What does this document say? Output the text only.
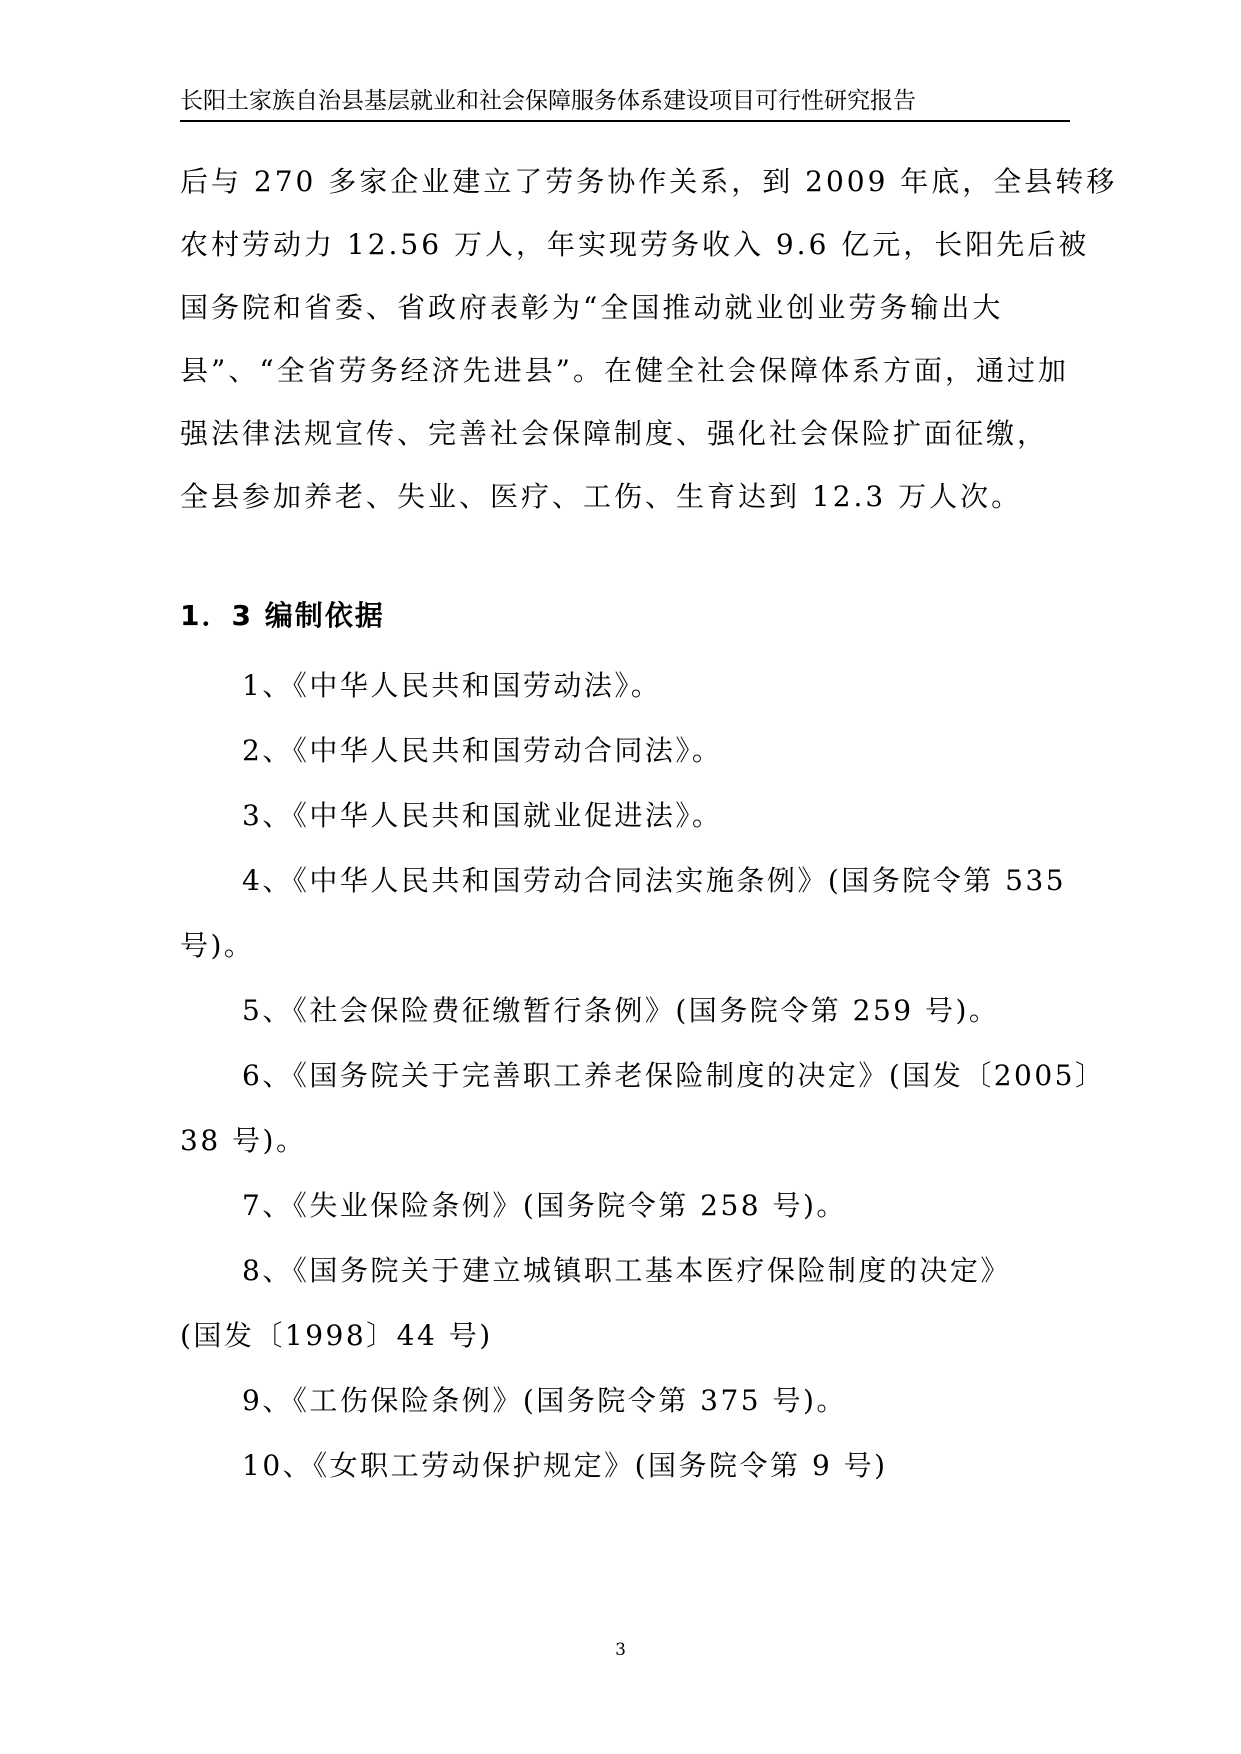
长阳土家族自治县基层就业和社会保障服务体系建设项目可行性研究报告
后与 270 多家企业建立了劳务协作关系，到 2009 年底，全县转移
农村劳动力 12.56 万人，年实现劳务收入 9.6 亿元，长阳先后被
国务院和省委、省政府表彰为“全国推动就业创业劳务输出大
县”、“全省劳务经济先进县”。在健全社会保障体系方面，通过加
强法律法规宣传、完善社会保障制度、强化社会保险扩面征缴，
全县参加养老、失业、医疗、工伤、生育达到 12.3 万人次。
1．3 编制依据
1、《中华人民共和国劳动法》。
2、《中华人民共和国劳动合同法》。
3、《中华人民共和国就业促进法》。
4、《中华人民共和国劳动合同法实施条例》(国务院令第 535
号)。
5、《社会保险费征缴暂行条例》(国务院令第 259 号)。
6、《国务院关于完善职工养老保险制度的决定》(国发〔2005〕
38 号)。
7、《失业保险条例》(国务院令第 258 号)。
8、《国务院关于建立城镇职工基本医疗保险制度的决定》
(国发〔1998〕44 号)
9、《工伤保险条例》(国务院令第 375 号)。
10、《女职工劳动保护规定》(国务院令第 9 号)
3
